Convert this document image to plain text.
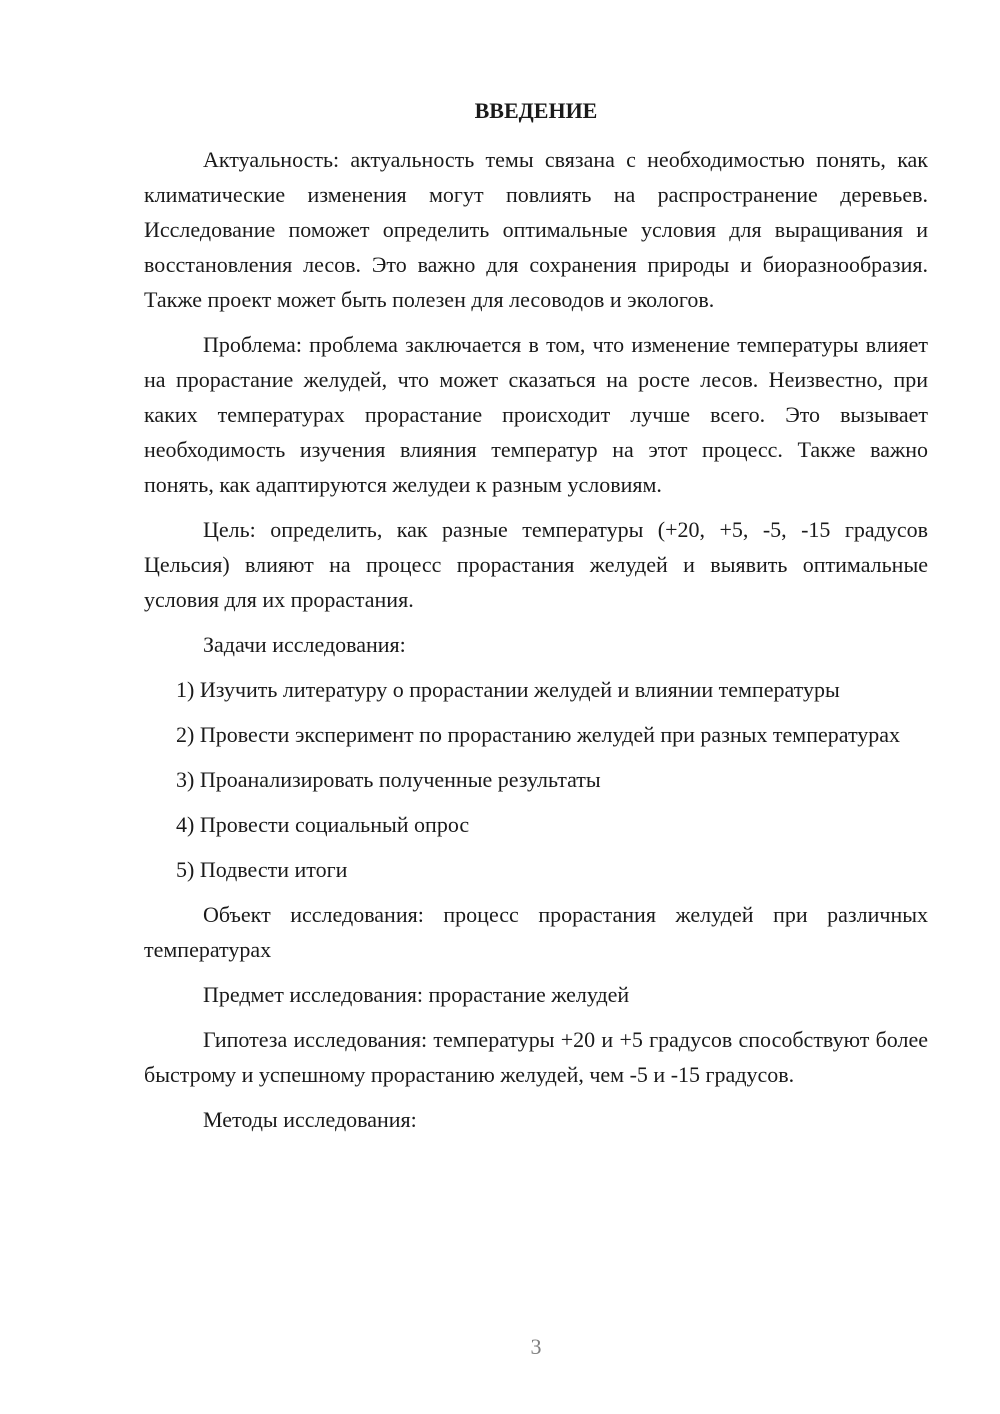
ВВЕДЕНИЕ

Актуальность: актуальность темы связана с необходимостью понять, как климатические изменения могут повлиять на распространение деревьев. Исследование поможет определить оптимальные условия для выращивания и восстановления лесов. Это важно для сохранения природы и биоразнообразия. Также проект может быть полезен для лесоводов и экологов.

Проблема: проблема заключается в том, что изменение температуры влияет на прорастание желудей, что может сказаться на росте лесов. Неизвестно, при каких температурах прорастание происходит лучше всего. Это вызывает необходимость изучения влияния температур на этот процесс. Также важно понять, как адаптируются желудеи к разным условиям.

Цель: определить, как разные температуры (+20, +5, -5, -15 градусов Цельсия) влияют на процесс прорастания желудей и выявить оптимальные условия для их прорастания.

Задачи исследования:

1) Изучить литературу о прорастании желудей и влиянии температуры

2) Провести эксперимент по прорастанию желудей при разных температурах

3) Проанализировать полученные результаты

4) Провести социальный опрос

5) Подвести итоги

Объект исследования: процесс прорастания желудей при различных температурах

Предмет исследования: прорастание желудей

Гипотеза исследования: температуры +20 и +5 градусов способствуют более быстрому и успешному прорастанию желудей, чем -5 и -15 градусов.

Методы исследования:

3
